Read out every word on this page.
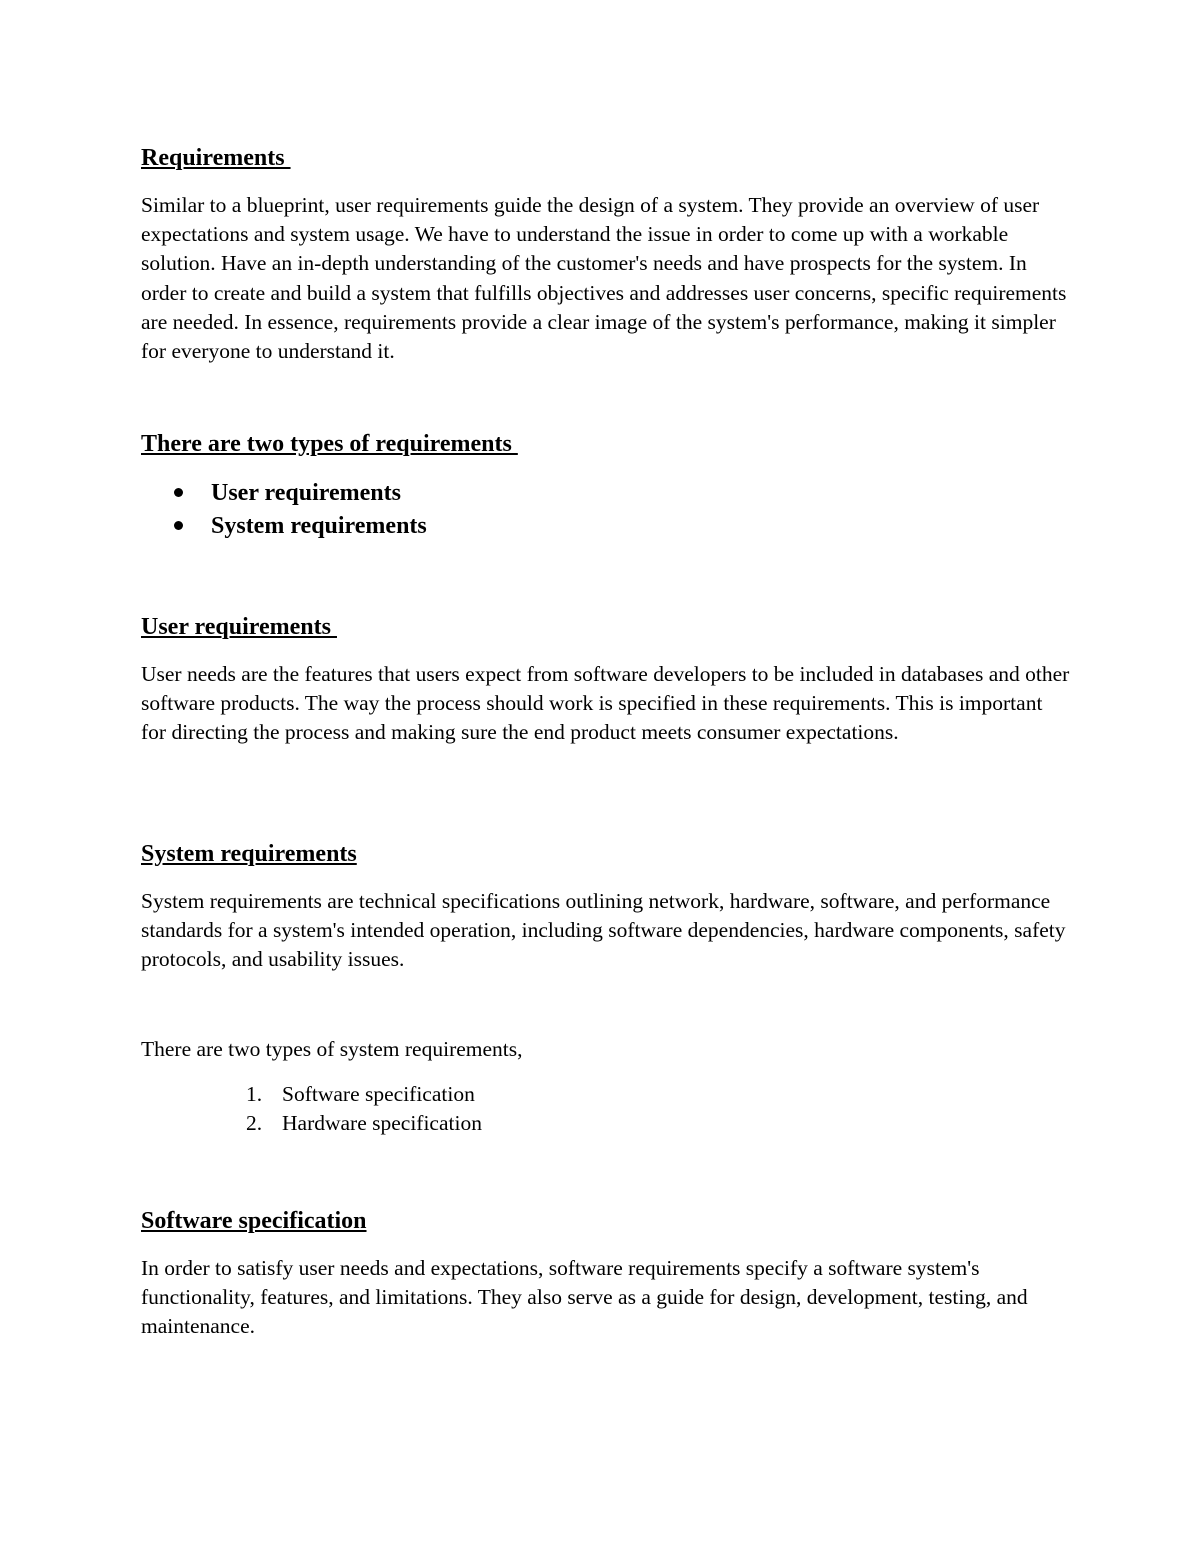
Requirements

Similar to a blueprint, user requirements guide the design of a system. They provide an overview of user expectations and system usage. We have to understand the issue in order to come up with a workable solution. Have an in-depth understanding of the customer's needs and have prospects for the system. In order to create and build a system that fulfills objectives and addresses user concerns, specific requirements are needed. In essence, requirements provide a clear image of the system's performance, making it simpler for everyone to understand it.

There are two types of requirements
User requirements
System requirements
User requirements

User needs are the features that users expect from software developers to be included in databases and other software products. The way the process should work is specified in these requirements. This is important for directing the process and making sure the end product meets consumer expectations.

System requirements

System requirements are technical specifications outlining network, hardware, software, and performance standards for a system's intended operation, including software dependencies, hardware components, safety protocols, and usability issues.

There are two types of system requirements,

1. Software specification
2. Hardware specification
Software specification

In order to satisfy user needs and expectations, software requirements specify a software system's functionality, features, and limitations. They also serve as a guide for design, development, testing, and maintenance.
